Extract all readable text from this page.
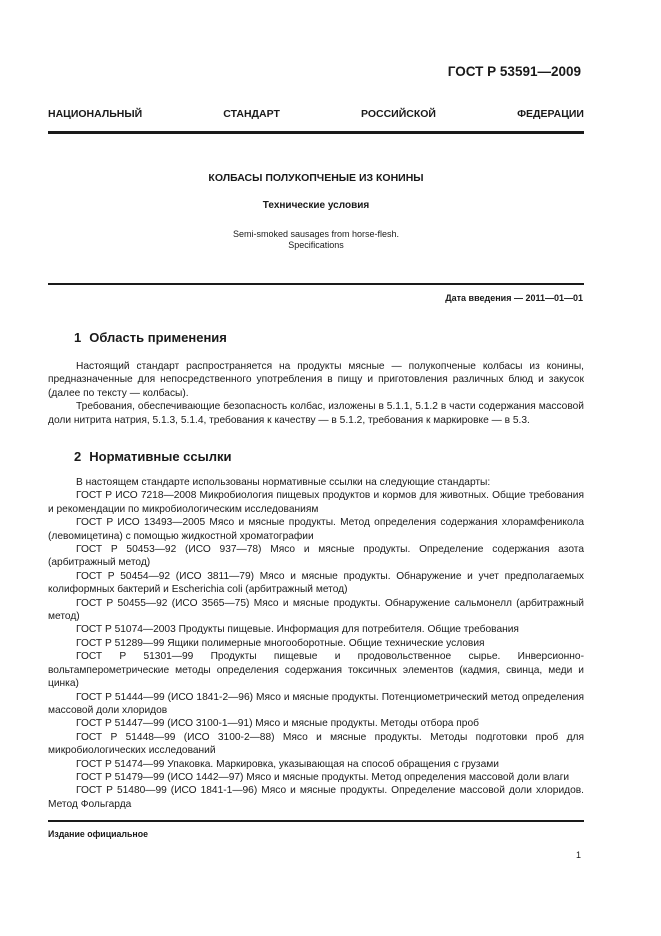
ГОСТ Р 53591—2009
НАЦИОНАЛЬНЫЙ	СТАНДАРТ	РОССИЙСКОЙ	ФЕДЕРАЦИИ
КОЛБАСЫ ПОЛУКОПЧЕНЫЕ ИЗ КОНИНЫ
Технические условия
Semi-smoked sausages from horse-flesh.
Specifications
Дата введения — 2011—01—01
1 Область применения

Настоящий стандарт распространяется на продукты мясные — полукопченые колбасы из конины, предназначенные для непосредственного употребления в пищу и приготовления различных блюд и закусок (далее по тексту — колбасы).

Требования, обеспечивающие безопасность колбас, изложены в 5.1.1, 5.1.2 в части содержания массовой доли нитрита натрия, 5.1.3, 5.1.4, требования к качеству — в 5.1.2, требования к маркировке — в 5.3.

2 Нормативные ссылки

В настоящем стандарте использованы нормативные ссылки на следующие стандарты:

ГОСТ Р ИСО 7218—2008 Микробиология пищевых продуктов и кормов для животных. Общие требования и рекомендации по микробиологическим исследованиям

ГОСТ Р ИСО 13493—2005 Мясо и мясные продукты. Метод определения содержания хлорамфеникола (левомицетина) с помощью жидкостной хроматографии

ГОСТ Р 50453—92 (ИСО 937—78) Мясо и мясные продукты. Определение содержания азота (арбитражный метод)

ГОСТ Р 50454—92 (ИСО 3811—79) Мясо и мясные продукты. Обнаружение и учет предполагаемых колиформных бактерий и Escherichia coli (арбитражный метод)

ГОСТ Р 50455—92 (ИСО 3565—75) Мясо и мясные продукты. Обнаружение сальмонелл (арбитражный метод)

ГОСТ Р 51074—2003 Продукты пищевые. Информация для потребителя. Общие требования

ГОСТ Р 51289—99 Ящики полимерные многооборотные. Общие технические условия

ГОСТ Р 51301—99 Продукты пищевые и продовольственное сырье. Инверсионно-вольтамперометрические методы определения содержания токсичных элементов (кадмия, свинца, меди и цинка)

ГОСТ Р 51444—99 (ИСО 1841-2—96) Мясо и мясные продукты. Потенциометрический метод определения массовой доли хлоридов

ГОСТ Р 51447—99 (ИСО 3100-1—91) Мясо и мясные продукты. Методы отбора проб

ГОСТ Р 51448—99 (ИСО 3100-2—88) Мясо и мясные продукты. Методы подготовки проб для микробиологических исследований

ГОСТ Р 51474—99 Упаковка. Маркировка, указывающая на способ обращения с грузами

ГОСТ Р 51479—99 (ИСО 1442—97) Мясо и мясные продукты. Метод определения массовой доли влаги

ГОСТ Р 51480—99 (ИСО 1841-1—96) Мясо и мясные продукты. Определение массовой доли хлоридов. Метод Фольгарда

Издание официальное
1
